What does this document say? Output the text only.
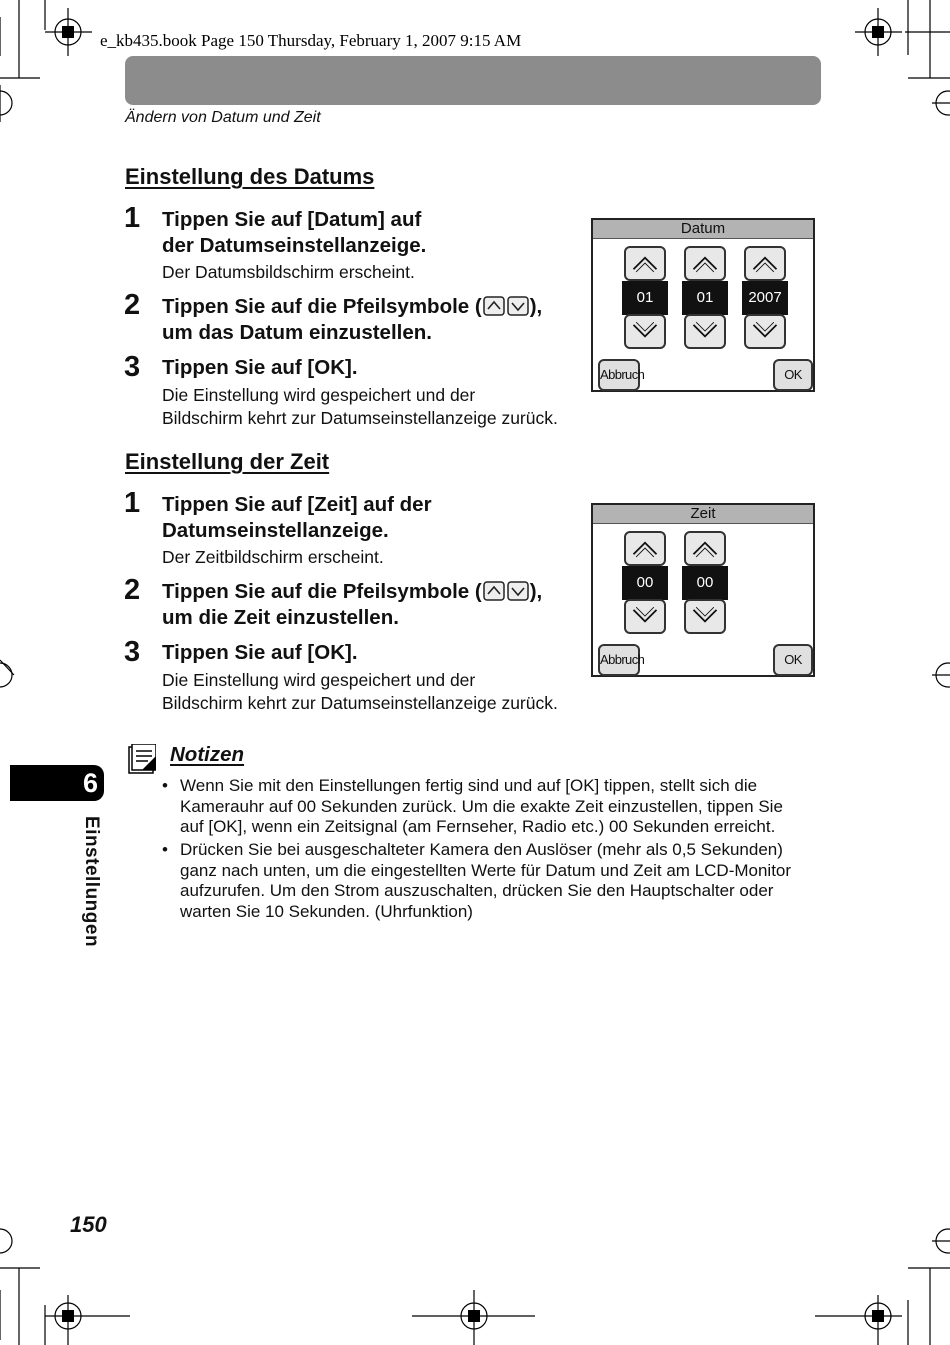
e_kb435.book Page 150 Thursday, February 1, 2007 9:15 AM
Ändern von Datum und Zeit
Einstellung des Datums
1 Tippen Sie auf [Datum] auf
der Datumseinstellanzeige.
Der Datumsbildschirm erscheint.
2 Tippen Sie auf die Pfeilsymbole ( ),
um das Datum einzustellen.
3 Tippen Sie auf [OK].
Die Einstellung wird gespeichert und der
Bildschirm kehrt zur Datumseinstellanzeige zurück.
Datum
01	01	2007
Abbruch	OK
Einstellung der Zeit
1 Tippen Sie auf [Zeit] auf der
Datumseinstellanzeige.
Der Zeitbildschirm erscheint.
2 Tippen Sie auf die Pfeilsymbole ( ),
um die Zeit einzustellen.
3 Tippen Sie auf [OK].
Die Einstellung wird gespeichert und der
Bildschirm kehrt zur Datumseinstellanzeige zurück.
Zeit
00	00
Abbruch	OK
Notizen
• Wenn Sie mit den Einstellungen fertig sind und auf [OK] tippen, stellt sich die
Kamerauhr auf 00 Sekunden zurück. Um die exakte Zeit einzustellen, tippen Sie
auf [OK], wenn ein Zeitsignal (am Fernseher, Radio etc.) 00 Sekunden erreicht.
• Drücken Sie bei ausgeschalteter Kamera den Auslöser (mehr als 0,5 Sekunden)
ganz nach unten, um die eingestellten Werte für Datum und Zeit am LCD-Monitor
aufzurufen. Um den Strom auszuschalten, drücken Sie den Hauptschalter oder
warten Sie 10 Sekunden. (Uhrfunktion)
6
Einstellungen
150
